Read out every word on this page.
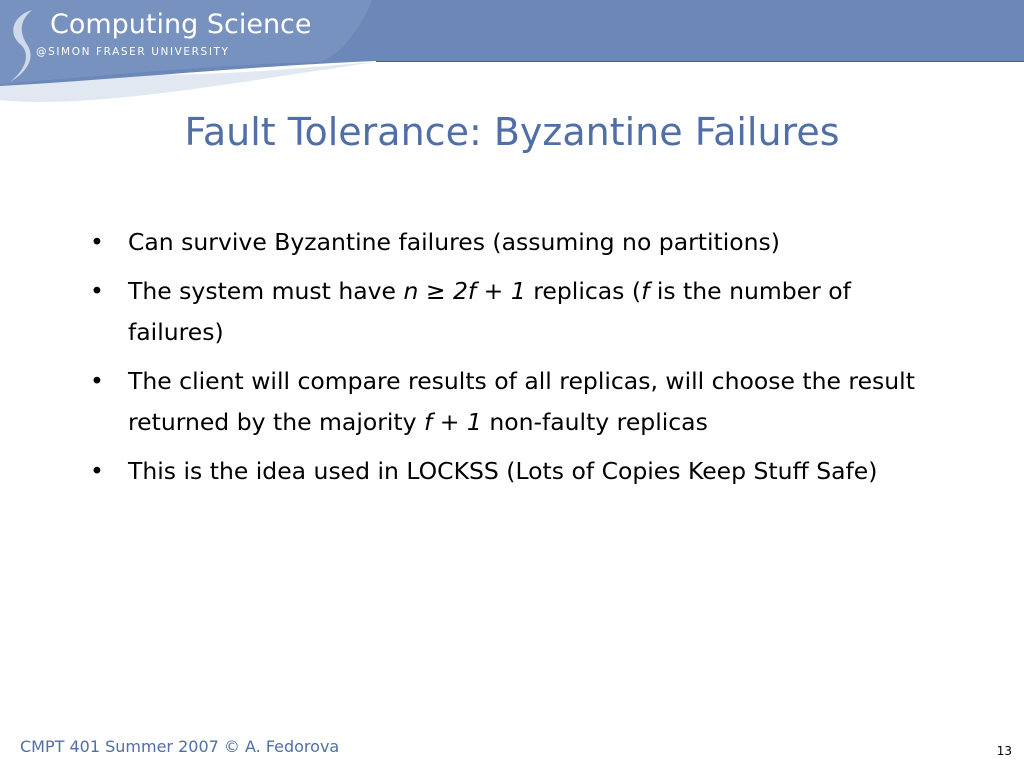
Computing Science
@SIMON FRASER UNIVERSITY
Fault Tolerance: Byzantine Failures
• Can survive Byzantine failures (assuming no partitions)
• The system must have n ≥ 2f + 1 replicas (f is the number of failures)
• The client will compare results of all replicas, will choose the result returned by the majority f + 1 non-faulty replicas
• This is the idea used in LOCKSS (Lots of Copies Keep Stuff Safe)
CMPT 401 Summer 2007 © A. Fedorova	13
